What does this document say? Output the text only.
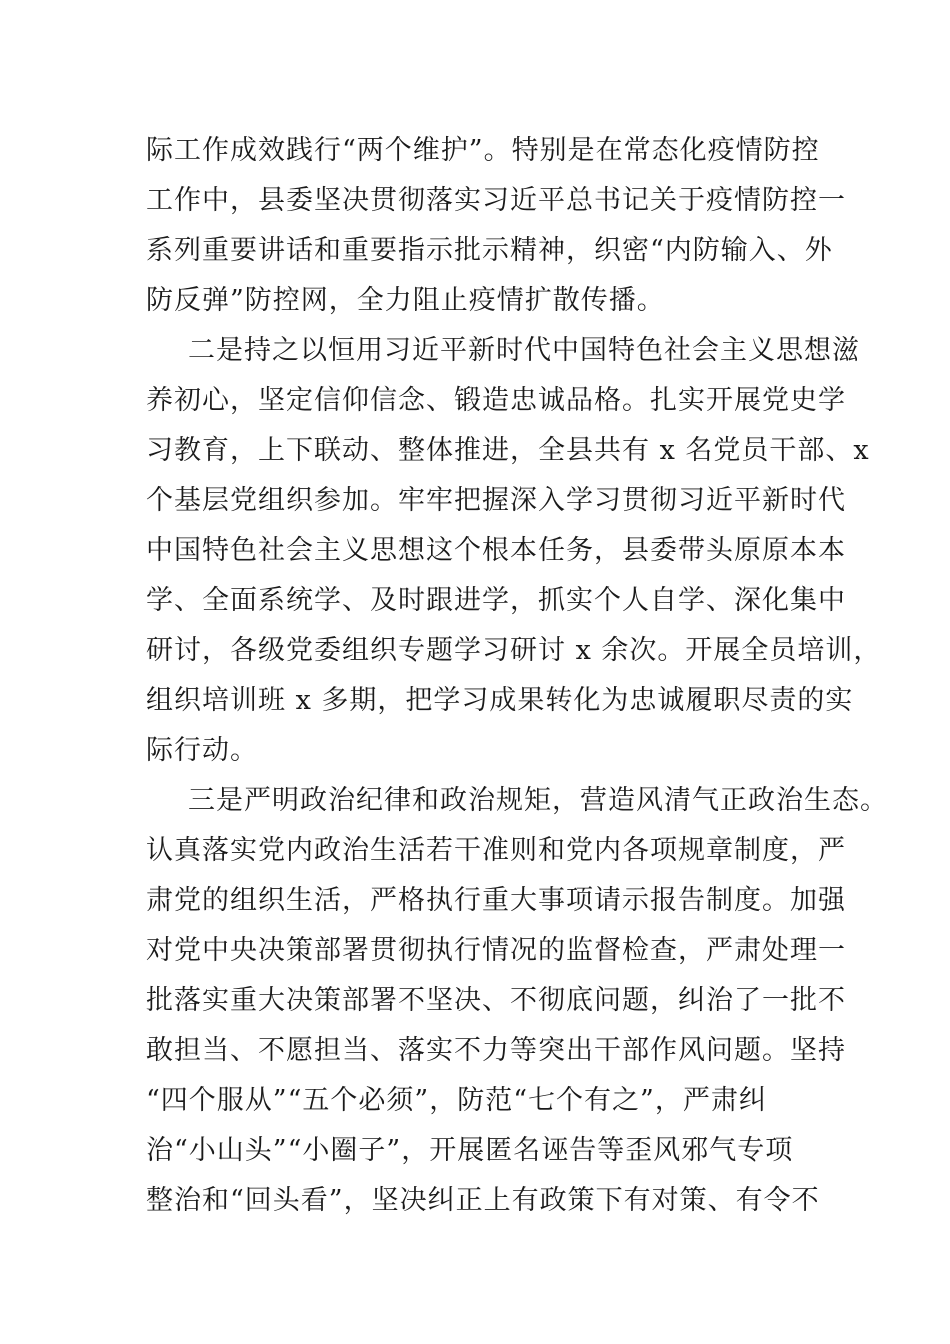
际工作成效践行“两个维护”。特别是在常态化疫情防控
工作中，县委坚决贯彻落实习近平总书记关于疫情防控一
系列重要讲话和重要指示批示精神，织密“内防输入、外
防反弹”防控网，全力阻止疫情扩散传播。
二是持之以恒用习近平新时代中国特色社会主义思想滋
养初心，坚定信仰信念、锻造忠诚品格。扎实开展党史学
习教育，上下联动、整体推进，全县共有 x 名党员干部、x
个基层党组织参加。牢牢把握深入学习贯彻习近平新时代
中国特色社会主义思想这个根本任务，县委带头原原本本
学、全面系统学、及时跟进学，抓实个人自学、深化集中
研讨，各级党委组织专题学习研讨 x 余次。开展全员培训，
组织培训班 x 多期，把学习成果转化为忠诚履职尽责的实
际行动。
三是严明政治纪律和政治规矩，营造风清气正政治生态。
认真落实党内政治生活若干准则和党内各项规章制度，严
肃党的组织生活，严格执行重大事项请示报告制度。加强
对党中央决策部署贯彻执行情况的监督检查，严肃处理一
批落实重大决策部署不坚决、不彻底问题，纠治了一批不
敢担当、不愿担当、落实不力等突出干部作风问题。坚持
“四个服从”“五个必须”，防范“七个有之”，严肃纠
治“小山头”“小圈子”，开展匿名诬告等歪风邪气专项
整治和“回头看”，坚决纠正上有政策下有对策、有令不
